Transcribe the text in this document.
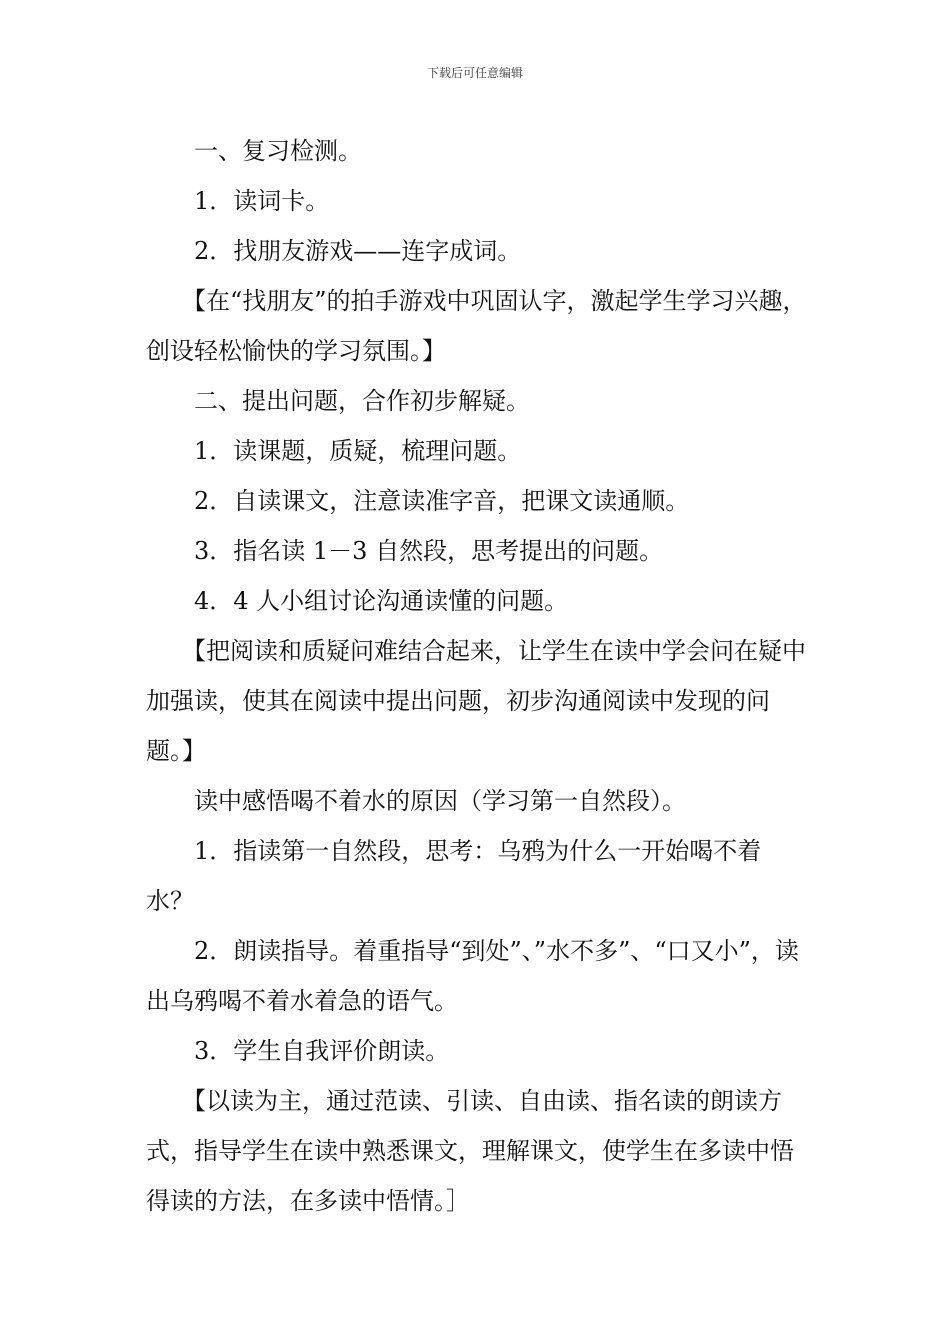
下载后可任意编辑

一、复习检测。

1．读词卡。

2．找朋友游戏——连字成词。

【在“找朋友”的拍手游戏中巩固认字，激起学生学习兴趣，创设轻松愉快的学习氛围。】

二、提出问题，合作初步解疑。

1．读课题，质疑，梳理问题。

2．自读课文，注意读准字音，把课文读通顺。

3．指名读 1－3 自然段，思考提出的问题。

4．4 人小组讨论沟通读懂的问题。

【把阅读和质疑问难结合起来，让学生在读中学会问在疑中加强读，使其在阅读中提出问题，初步沟通阅读中发现的问题。】

读中感悟喝不着水的原因（学习第一自然段）。

1．指读第一自然段，思考：乌鸦为什么一开始喝不着水？

2．朗读指导。着重指导“到处”、”水不多”、“口又小”，读出乌鸦喝不着水着急的语气。

3．学生自我评价朗读。

【以读为主，通过范读、引读、自由读、指名读的朗读方式，指导学生在读中熟悉课文，理解课文，使学生在多读中悟得读的方法，在多读中悟情。］
